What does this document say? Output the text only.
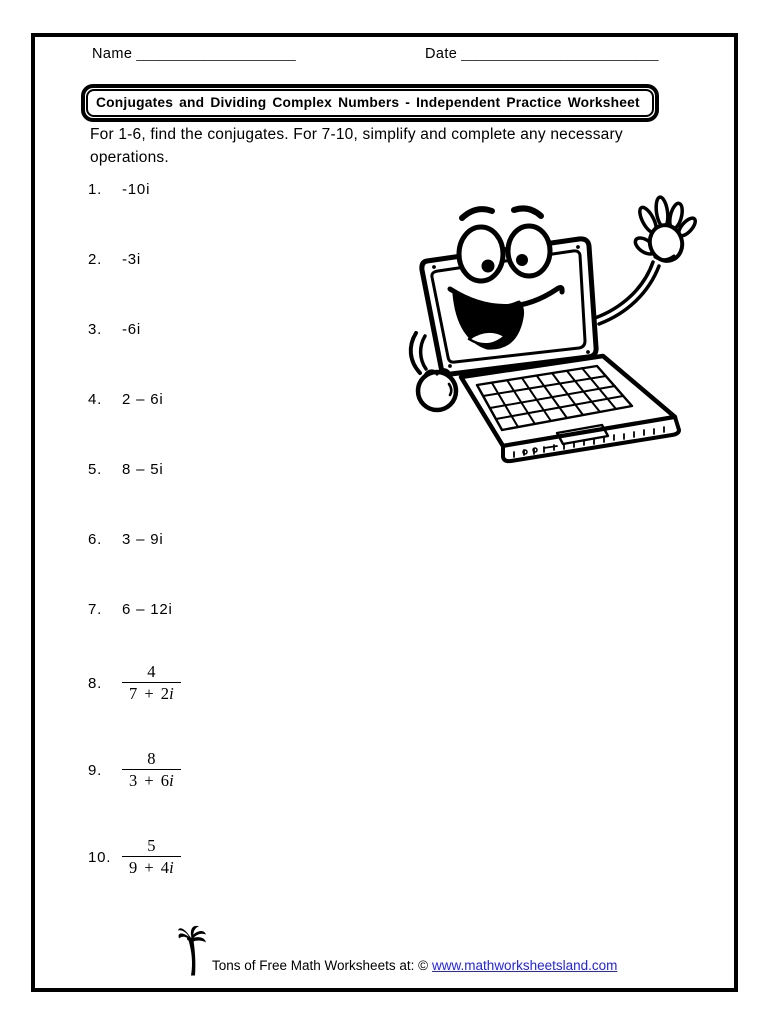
Name _____________________	Date __________________________
Conjugates and Dividing Complex Numbers - Independent Practice Worksheet
For 1-6, find the conjugates. For 7-10, simplify and complete any necessary operations.
1. -10i
2. -3i
3. -6i
4. 2 – 6i
5. 8 – 5i
6. 3 – 9i
7. 6 – 12i
8.	$\frac{4}{7 + 2i}$
9.	$\frac{8}{3 + 6i}$
10. $\frac{5}{9 + 4i}$
Tons of Free Math Worksheets at: © www.mathworksheetsland.com
